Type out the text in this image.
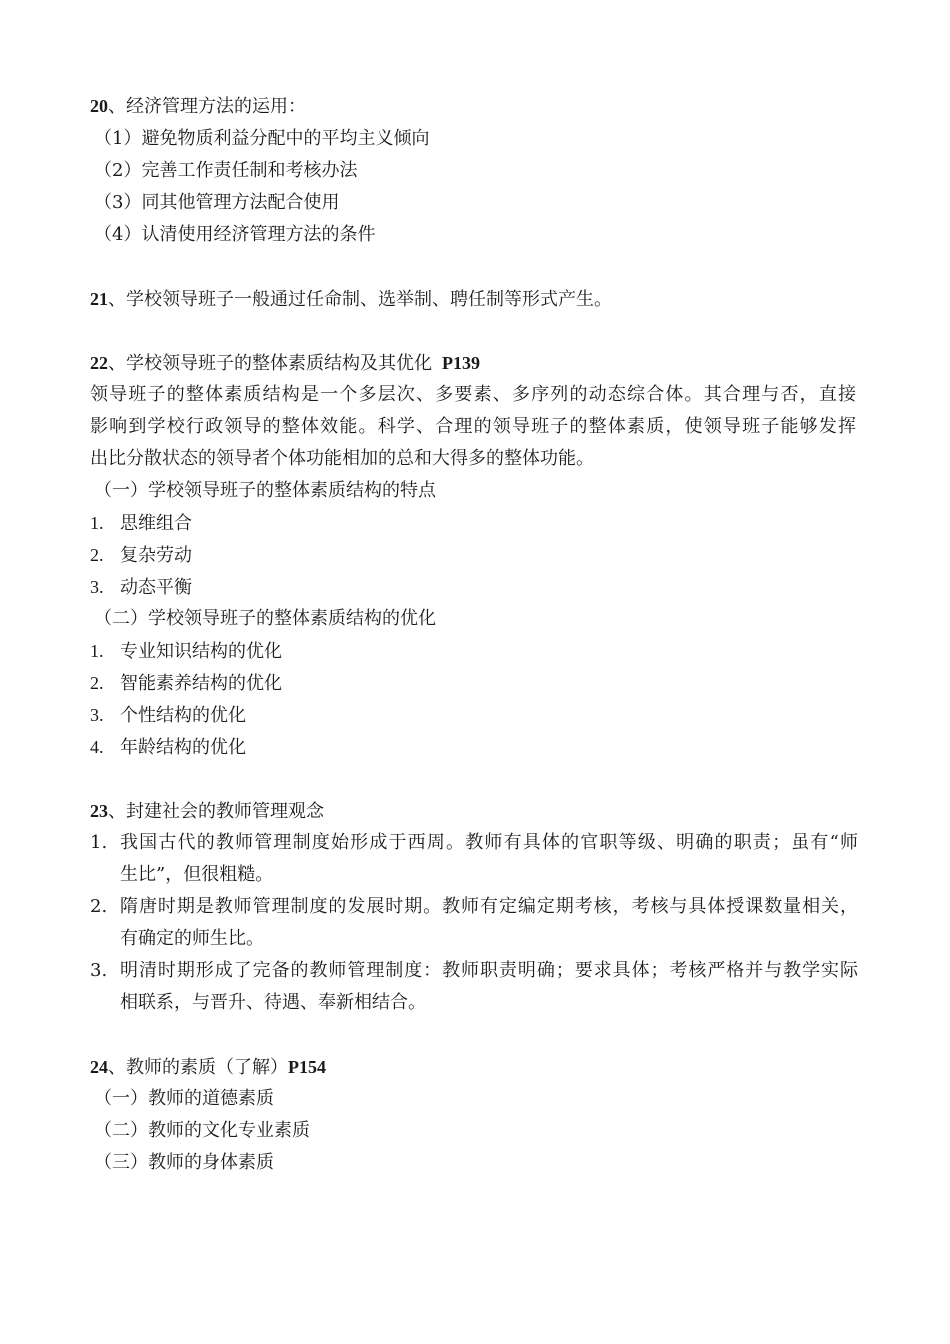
20、经济管理方法的运用：
（1）避免物质利益分配中的平均主义倾向
（2）完善工作责任制和考核办法
（3）同其他管理方法配合使用
（4）认清使用经济管理方法的条件
21、学校领导班子一般通过任命制、选举制、聘任制等形式产生。
22、学校领导班子的整体素质结构及其优化 P139
领导班子的整体素质结构是一个多层次、多要素、多序列的动态综合体。其合理与否，直接
影响到学校行政领导的整体效能。科学、合理的领导班子的整体素质，使领导班子能够发挥
出比分散状态的领导者个体功能相加的总和大得多的整体功能。
（一）学校领导班子的整体素质结构的特点
1. 思维组合
2. 复杂劳动
3. 动态平衡
（二）学校领导班子的整体素质结构的优化
1. 专业知识结构的优化
2. 智能素养结构的优化
3. 个性结构的优化
4. 年龄结构的优化
23、封建社会的教师管理观念
1. 我国古代的教师管理制度始形成于西周。教师有具体的官职等级、明确的职责；虽有“师
生比”，但很粗糙。
2. 隋唐时期是教师管理制度的发展时期。教师有定编定期考核，考核与具体授课数量相关，
有确定的师生比。
3. 明清时期形成了完备的教师管理制度：教师职责明确；要求具体；考核严格并与教学实际
相联系，与晋升、待遇、奉新相结合。
24、教师的素质（了解）P154
（一）教师的道德素质
（二）教师的文化专业素质
（三）教师的身体素质
